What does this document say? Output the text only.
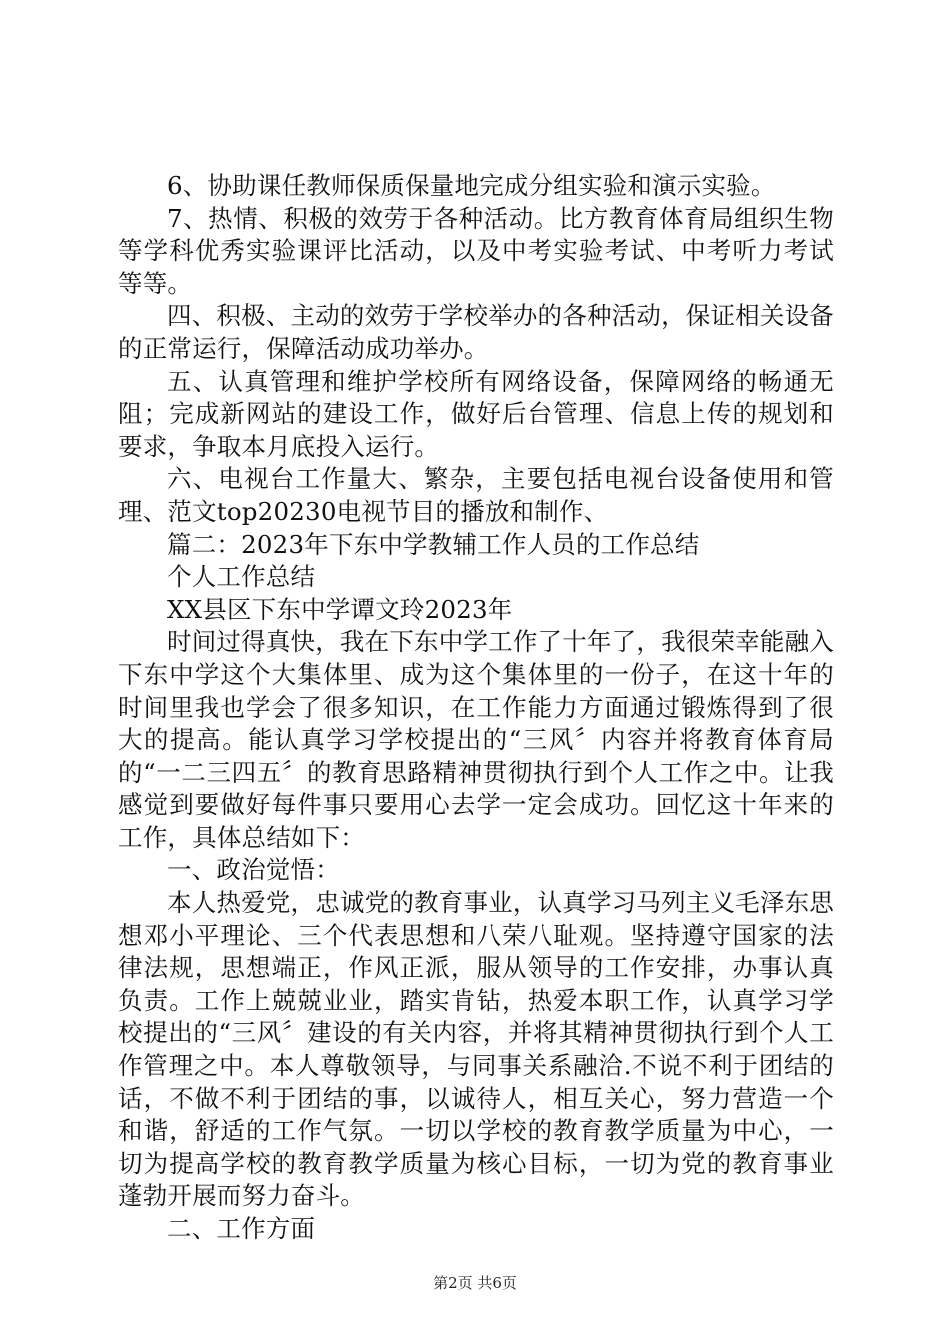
6、协助课任教师保质保量地完成分组实验和演示实验。

7、热情、积极的效劳于各种活动。比方教育体育局组织生物等学科优秀实验课评比活动，以及中考实验考试、中考听力考试等等。

四、积极、主动的效劳于学校举办的各种活动，保证相关设备的正常运行，保障活动成功举办。

五、认真管理和维护学校所有网络设备，保障网络的畅通无阻；完成新网站的建设工作，做好后台管理、信息上传的规划和要求，争取本月底投入运行。

六、电视台工作量大、繁杂，主要包括电视台设备使用和管理、范文top20230电视节目的播放和制作、

篇二：2023年下东中学教辅工作人员的工作总结

个人工作总结

XX县区下东中学谭文玲2023年

时间过得真快，我在下东中学工作了十年了，我很荣幸能融入下东中学这个大集体里、成为这个集体里的一份子，在这十年的时间里我也学会了很多知识，在工作能力方面通过锻炼得到了很大的提高。能认真学习学校提出的“三风〞内容并将教育体育局的“一二三四五〞的教育思路精神贯彻执行到个人工作之中。让我感觉到要做好每件事只要用心去学一定会成功。回忆这十年来的工作，具体总结如下：

一、政治觉悟：

本人热爱党，忠诚党的教育事业，认真学习马列主义毛泽东思想邓小平理论、三个代表思想和八荣八耻观。坚持遵守国家的法律法规，思想端正，作风正派，服从领导的工作安排，办事认真负责。工作上兢兢业业，踏实肯钻，热爱本职工作，认真学习学校提出的“三风〞建设的有关内容，并将其精神贯彻执行到个人工作管理之中。本人尊敬领导，与同事关系融洽.不说不利于团结的话，不做不利于团结的事，以诚待人，相互关心，努力营造一个和谐，舒适的工作气氛。一切以学校的教育教学质量为中心，一切为提高学校的教育教学质量为核心目标，一切为党的教育事业蓬勃开展而努力奋斗。

二、工作方面

第2页 共6页
